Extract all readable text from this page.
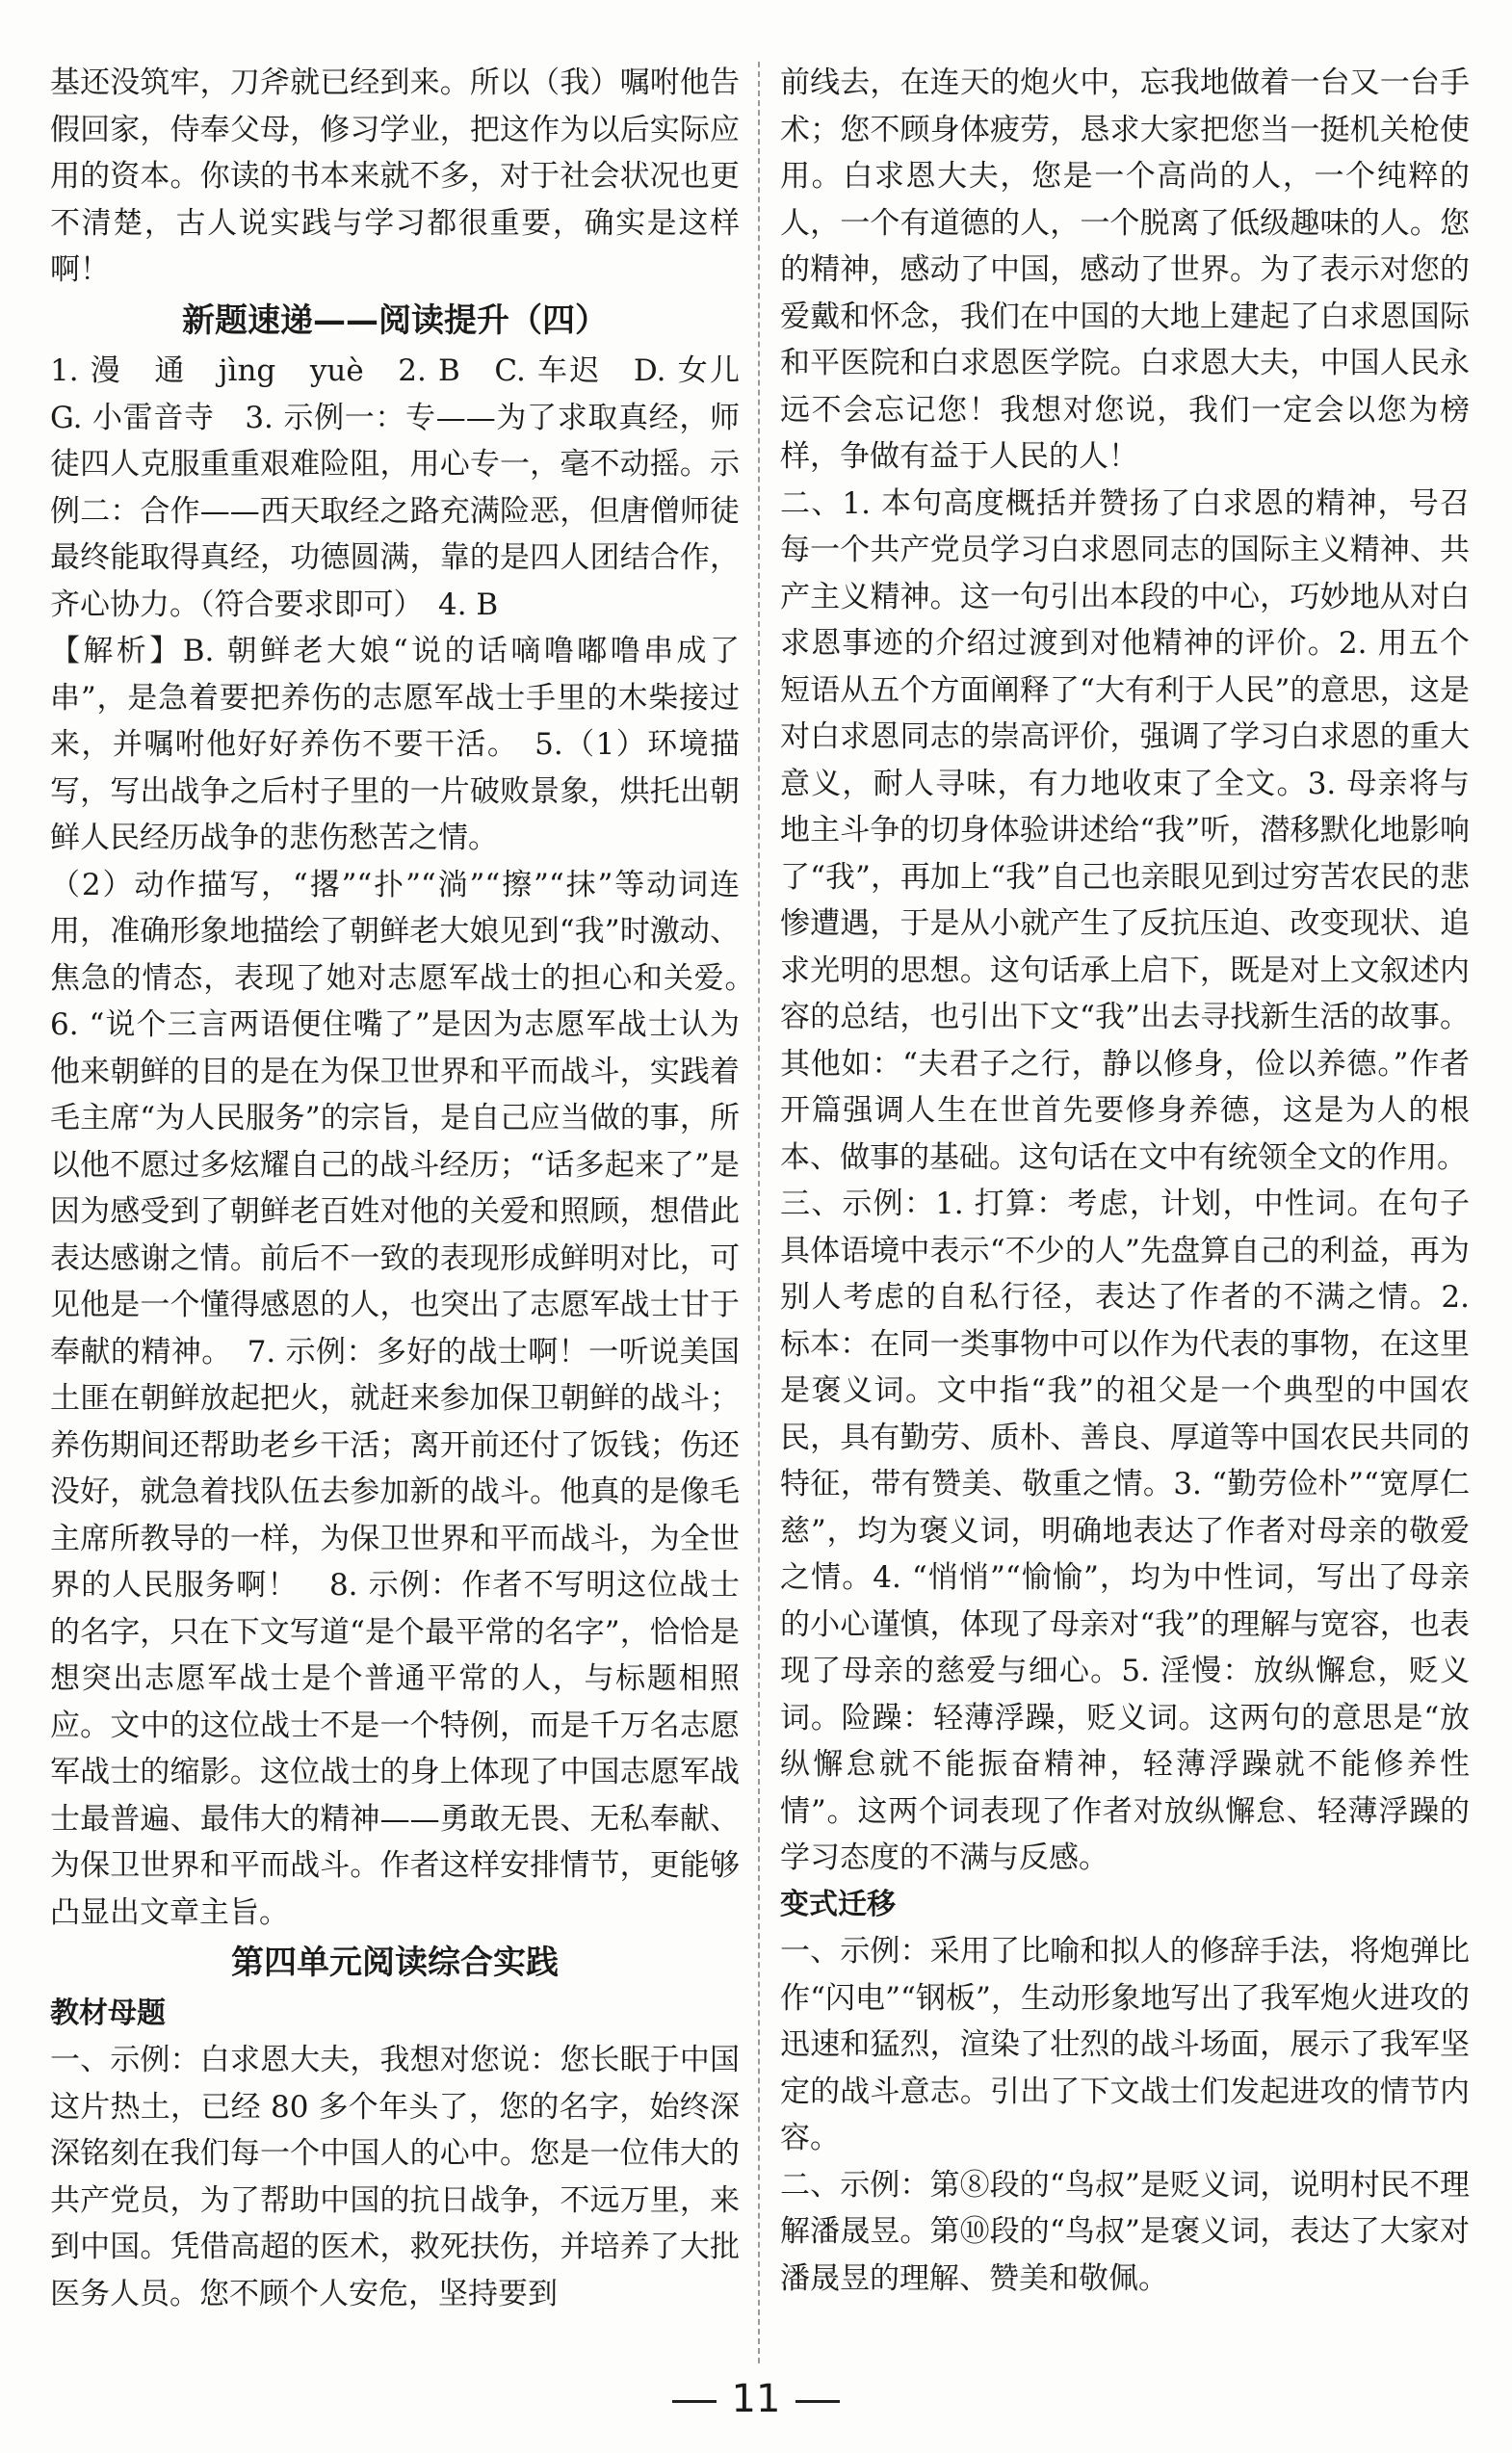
基还没筑牢，刀斧就已经到来。所以（我）嘱咐他告假回家，侍奉父母，修习学业，把这作为以后实际应用的资本。你读的书本来就不多，对于社会状况也更不清楚，古人说实践与学习都很重要，确实是这样啊！

新题速递——阅读提升（四）

1. 漫　通　jìng　yuè　2. B　C. 车迟　D. 女儿　G. 小雷音寺　3. 示例一：专——为了求取真经，师徒四人克服重重艰难险阻，用心专一，毫不动摇。示例二：合作——西天取经之路充满险恶，但唐僧师徒最终能取得真经，功德圆满，靠的是四人团结合作，齐心协力。（符合要求即可）　4. B

【解析】B. 朝鲜老大娘“说的话嘀噜嘟噜串成了串”，是急着要把养伤的志愿军战士手里的木柴接过来，并嘱咐他好好养伤不要干活。　5.（1）环境描写，写出战争之后村子里的一片破败景象，烘托出朝鲜人民经历战争的悲伤愁苦之情。

（2）动作描写，“撂”“扑”“淌”“擦”“抹”等动词连用，准确形象地描绘了朝鲜老大娘见到“我”时激动、焦急的情态，表现了她对志愿军战士的担心和关爱。　6. “说个三言两语便住嘴了”是因为志愿军战士认为他来朝鲜的目的是在为保卫世界和平而战斗，实践着毛主席“为人民服务”的宗旨，是自己应当做的事，所以他不愿过多炫耀自己的战斗经历；“话多起来了”是因为感受到了朝鲜老百姓对他的关爱和照顾，想借此表达感谢之情。前后不一致的表现形成鲜明对比，可见他是一个懂得感恩的人，也突出了志愿军战士甘于奉献的精神。　7. 示例：多好的战士啊！一听说美国土匪在朝鲜放起把火，就赶来参加保卫朝鲜的战斗；养伤期间还帮助老乡干活；离开前还付了饭钱；伤还没好，就急着找队伍去参加新的战斗。他真的是像毛主席所教导的一样，为保卫世界和平而战斗，为全世界的人民服务啊！　8. 示例：作者不写明这位战士的名字，只在下文写道“是个最平常的名字”，恰恰是想突出志愿军战士是个普通平常的人，与标题相照应。文中的这位战士不是一个特例，而是千万名志愿军战士的缩影。这位战士的身上体现了中国志愿军战士最普遍、最伟大的精神——勇敢无畏、无私奉献、为保卫世界和平而战斗。作者这样安排情节，更能够凸显出文章主旨。

第四单元阅读综合实践
教材母题

一、示例：白求恩大夫，我想对您说：您长眠于中国这片热土，已经 80 多个年头了，您的名字，始终深深铭刻在我们每一个中国人的心中。您是一位伟大的共产党员，为了帮助中国的抗日战争，不远万里，来到中国。凭借高超的医术，救死扶伤，并培养了大批医务人员。您不顾个人安危，坚持要到

前线去，在连天的炮火中，忘我地做着一台又一台手术；您不顾身体疲劳，恳求大家把您当一挺机关枪使用。白求恩大夫，您是一个高尚的人，一个纯粹的人，一个有道德的人，一个脱离了低级趣味的人。您的精神，感动了中国，感动了世界。为了表示对您的爱戴和怀念，我们在中国的大地上建起了白求恩国际和平医院和白求恩医学院。白求恩大夫，中国人民永远不会忘记您！我想对您说，我们一定会以您为榜样，争做有益于人民的人！

二、1. 本句高度概括并赞扬了白求恩的精神，号召每一个共产党员学习白求恩同志的国际主义精神、共产主义精神。这一句引出本段的中心，巧妙地从对白求恩事迹的介绍过渡到对他精神的评价。2. 用五个短语从五个方面阐释了“大有利于人民”的意思，这是对白求恩同志的崇高评价，强调了学习白求恩的重大意义，耐人寻味，有力地收束了全文。3. 母亲将与地主斗争的切身体验讲述给“我”听，潜移默化地影响了“我”，再加上“我”自己也亲眼见到过穷苦农民的悲惨遭遇，于是从小就产生了反抗压迫、改变现状、追求光明的思想。这句话承上启下，既是对上文叙述内容的总结，也引出下文“我”出去寻找新生活的故事。其他如：“夫君子之行，静以修身，俭以养德。”作者开篇强调人生在世首先要修身养德，这是为人的根本、做事的基础。这句话在文中有统领全文的作用。

三、示例：1. 打算：考虑，计划，中性词。在句子具体语境中表示“不少的人”先盘算自己的利益，再为别人考虑的自私行径，表达了作者的不满之情。2. 标本：在同一类事物中可以作为代表的事物，在这里是褒义词。文中指“我”的祖父是一个典型的中国农民，具有勤劳、质朴、善良、厚道等中国农民共同的特征，带有赞美、敬重之情。3. “勤劳俭朴”“宽厚仁慈”，均为褒义词，明确地表达了作者对母亲的敬爱之情。4. “悄悄”“愉愉”，均为中性词，写出了母亲的小心谨慎，体现了母亲对“我”的理解与宽容，也表现了母亲的慈爱与细心。5. 淫慢：放纵懈怠，贬义词。险躁：轻薄浮躁，贬义词。这两句的意思是“放纵懈怠就不能振奋精神，轻薄浮躁就不能修养性情”。这两个词表现了作者对放纵懈怠、轻薄浮躁的学习态度的不满与反感。

变式迁移

一、示例：采用了比喻和拟人的修辞手法，将炮弹比作“闪电”“钢板”，生动形象地写出了我军炮火进攻的迅速和猛烈，渲染了壮烈的战斗场面，展示了我军坚定的战斗意志。引出了下文战士们发起进攻的情节内容。

二、示例：第⑧段的“鸟叔”是贬义词，说明村民不理解潘晟昱。第⑩段的“鸟叔”是褒义词，表达了大家对潘晟昱的理解、赞美和敬佩。

11
